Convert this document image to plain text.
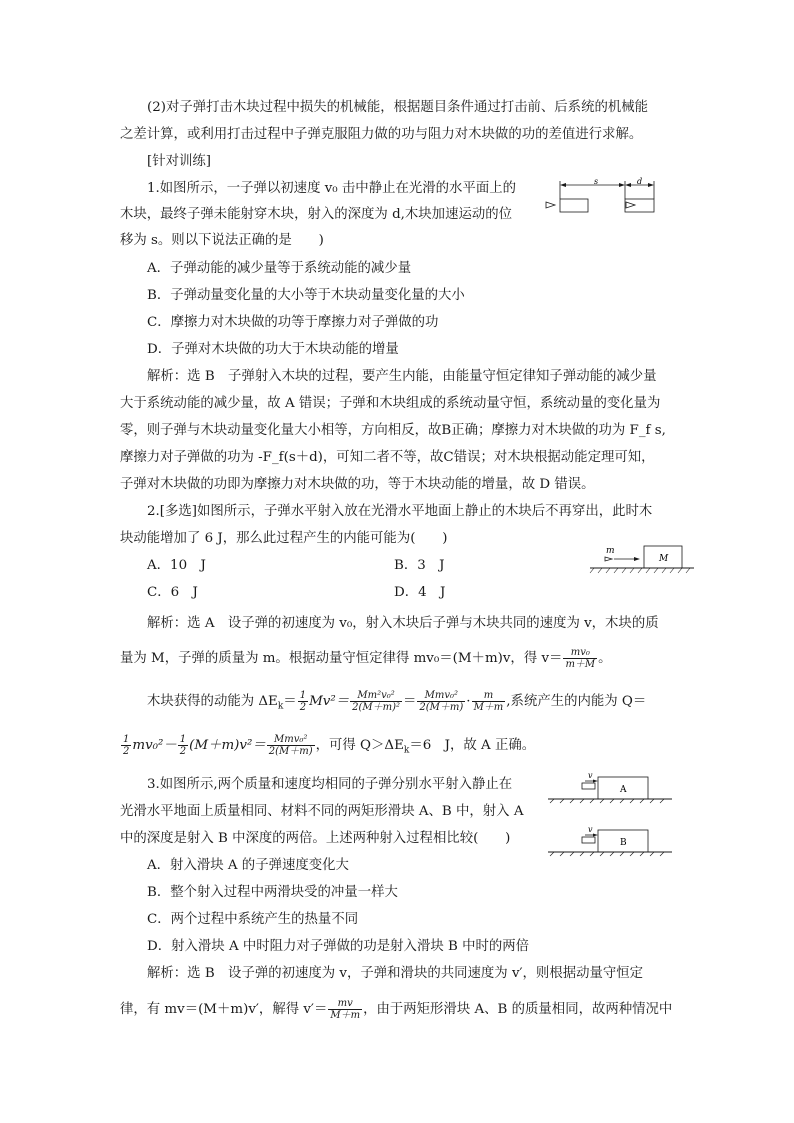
(2)对子弹打击木块过程中损失的机械能，根据题目条件通过打击前、后系统的机械能
之差计算，或利用打击过程中子弹克服阻力做的功与阻力对木块做的功的差值进行求解。
[针对训练]
1.如图所示，一子弹以初速度 v₀ 击中静止在光滑的水平面上的
木块，最终子弹未能射穿木块，射入的深度为 d,木块加速运动的位
移为 s。则以下说法正确的是　　)
s	d
A．子弹动能的减少量等于系统动能的减少量
B．子弹动量变化量的大小等于木块动量变化量的大小
C．摩擦力对木块做的功等于摩擦力对子弹做的功
D．子弹对木块做的功大于木块动能的增量
解析：选 B　子弹射入木块的过程，要产生内能，由能量守恒定律知子弹动能的减少量
大于系统动能的减少量，故 A 错误；子弹和木块组成的系统动量守恒，系统动量的变化量为
零，则子弹与木块动量变化量大小相等，方向相反，故B正确；摩擦力对木块做的功为 F_f s,
摩擦力对子弹做的功为 -F_f(s＋d)，可知二者不等，故C错误；对木块根据动能定理可知，
子弹对木块做的功即为摩擦力对木块做的功，等于木块动能的增量，故 D 错误。
2.[多选]如图所示，子弹水平射入放在光滑水平地面上静止的木块后不再穿出，此时木
块动能增加了 6 J，那么此过程产生的内能可能为(　　)
A．10　J	B．3　J
C．6　J	D．4　J
m
M
解析：选 A　设子弹的初速度为 v₀，射入木块后子弹与木块共同的速度为 v，木块的质
量为 M，子弹的质量为 m。根据动量守恒定律得 mv₀＝(M＋m)v，得 $v= \frac{\text{mv₀}}{m+M}$ 。
木块获得的动能为 $\Delta E_k= \frac{1}{2} Mv^2= \frac{\text{Mm²v₀²}}{\text{2(M＋m)²}} = \frac{\text{Mmv₀²}}{2(M+m)} \cdot \frac{m}{M+m}$ ,系统产生的内能为 Q＝
$\frac{1}{2} mv_0^2- \frac{1}{2} (M+m)v^2= \frac{\text{Mmv₀²}}{2(M+m)}$ ，可得 $Q>\Delta E_k=6$　J，故 A 正确。
3.如图所示,两个质量和速度均相同的子弹分别水平射入静止在
光滑水平地面上质量相同、材料不同的两矩形滑块 A、B 中，射入 A
中的深度是射入 B 中深度的两倍。上述两种射入过程相比较(　　)
v
A
v
B
A．射入滑块 A 的子弹速度变化大
B．整个射入过程中两滑块受的冲量一样大
C．两个过程中系统产生的热量不同
D．射入滑块 A 中时阻力对子弹做的功是射入滑块 B 中时的两倍
解析：选 B　设子弹的初速度为 v，子弹和滑块的共同速度为 v′，则根据动量守恒定
律，有 mv＝(M＋m)v′，解得 $v'= \frac{mv}{M+m}$ ，由于两矩形滑块 A、B 的质量相同，故两种情况中
